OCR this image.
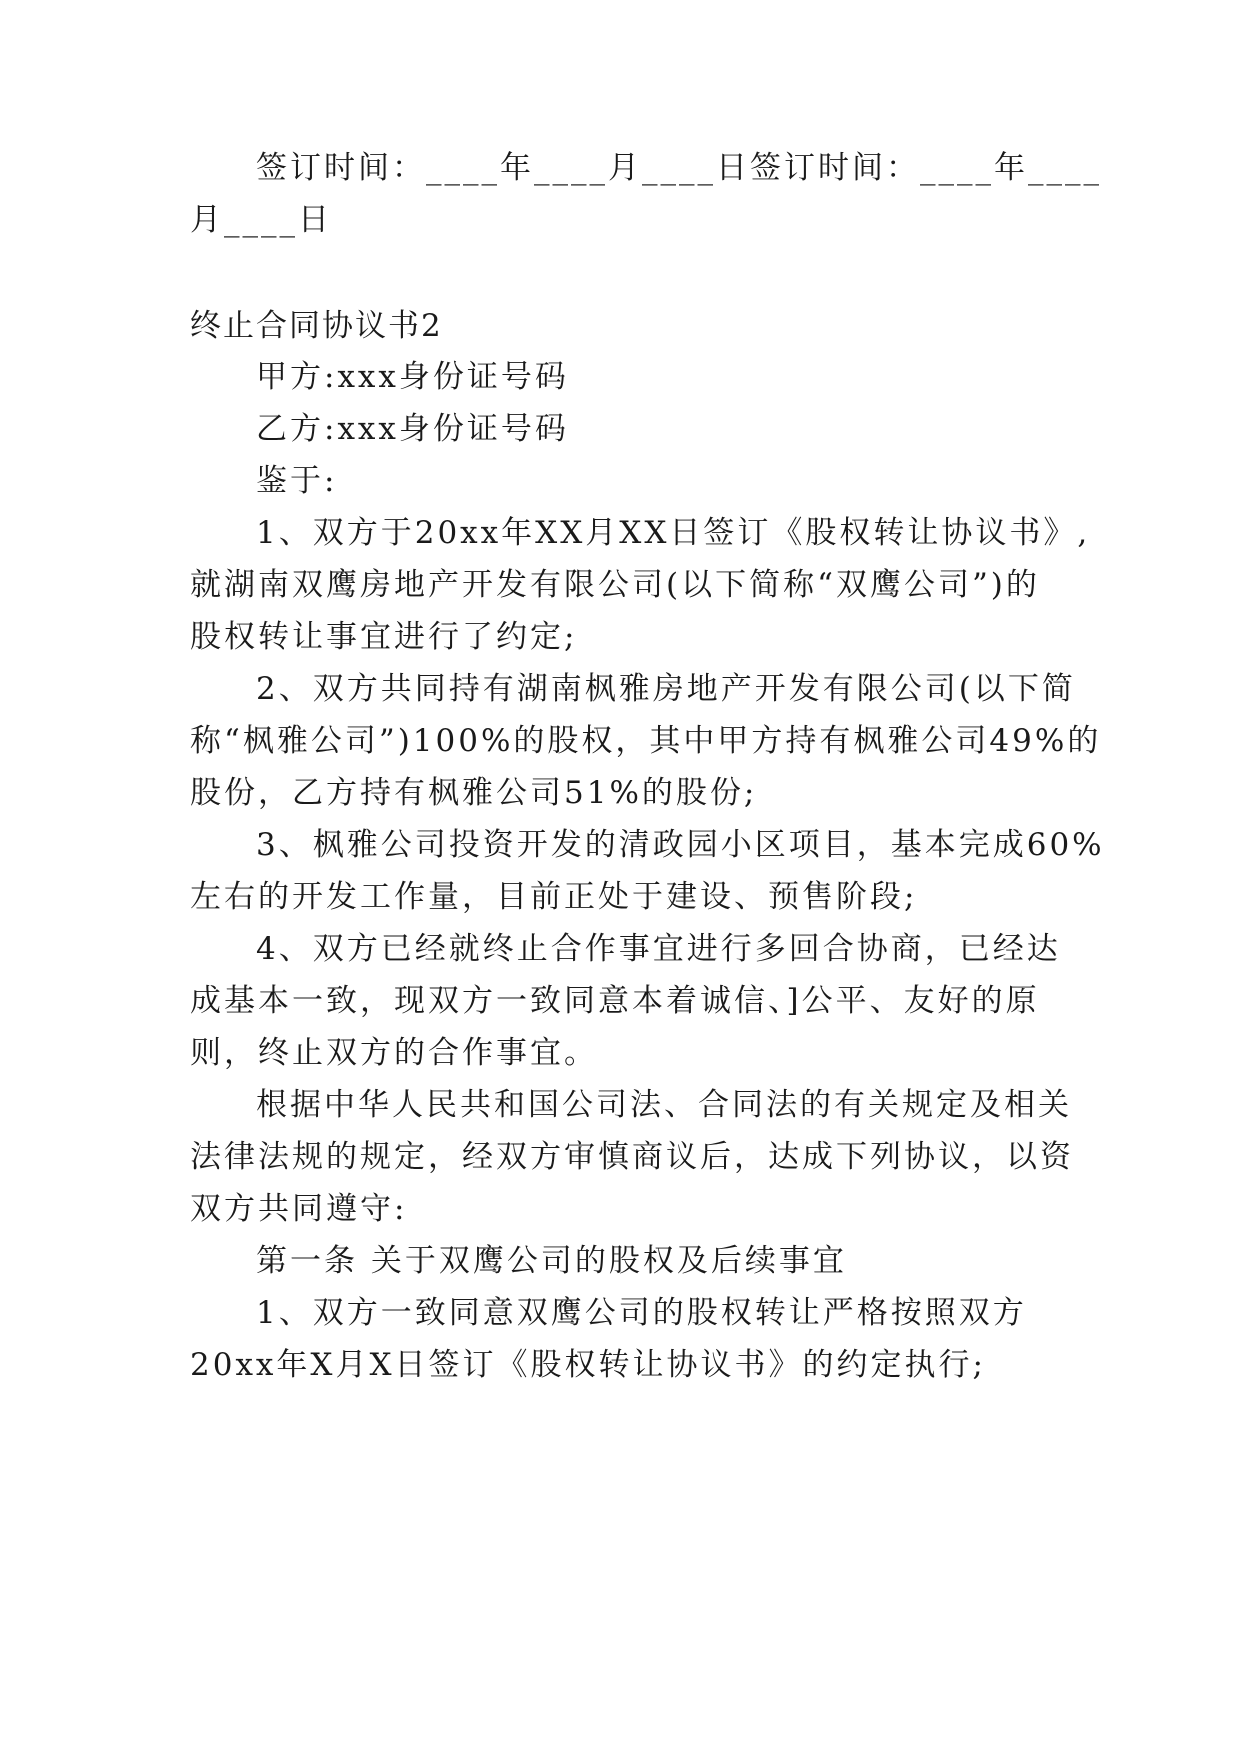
签订时间：____年____月____日签订时间：____年____
月____日
终止合同协议书2
甲方:xxx身份证号码
乙方:xxx身份证号码
鉴于:
1、双方于20xx年XX月XX日签订《股权转让协议书》,
就湖南双鹰房地产开发有限公司(以下简称“双鹰公司”)的
股权转让事宜进行了约定;
2、双方共同持有湖南枫雅房地产开发有限公司(以下简
称“枫雅公司”)100%的股权，其中甲方持有枫雅公司49%的
股份，乙方持有枫雅公司51%的股份;
3、枫雅公司投资开发的清政园小区项目，基本完成60%
左右的开发工作量，目前正处于建设、预售阶段;
4、双方已经就终止合作事宜进行多回合协商，已经达
成基本一致，现双方一致同意本着诚信、]公平、友好的原
则，终止双方的合作事宜。
根据中华人民共和国公司法、合同法的有关规定及相关
法律法规的规定，经双方审慎商议后，达成下列协议，以资
双方共同遵守:
第一条 关于双鹰公司的股权及后续事宜
1、双方一致同意双鹰公司的股权转让严格按照双方
20xx年X月X日签订《股权转让协议书》的约定执行;
